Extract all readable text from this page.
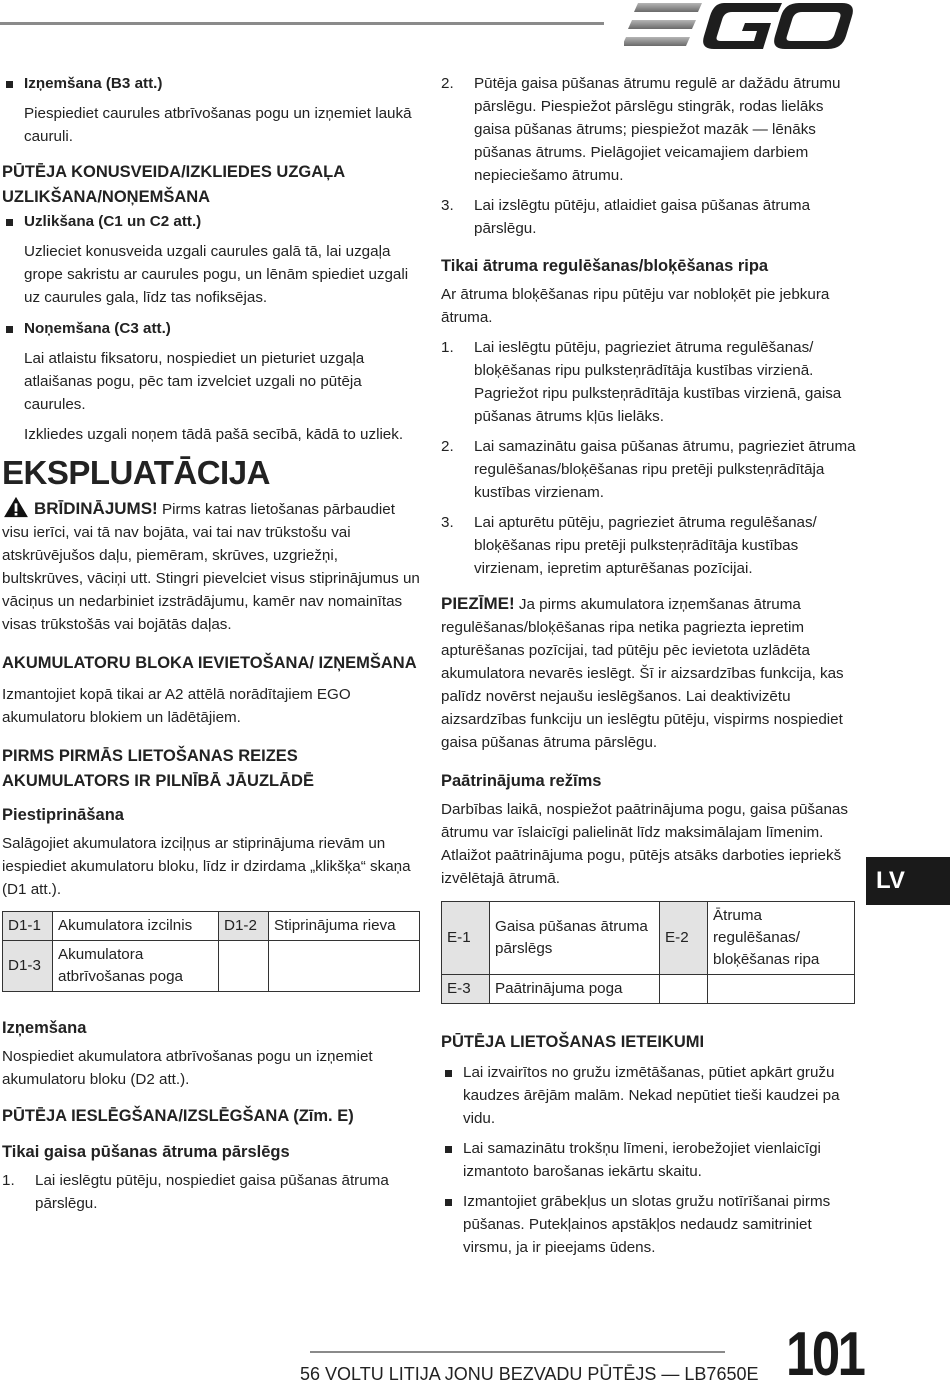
Izņemšana (B3 att.)
Piespiediet caurules atbrīvošanas pogu un izņemiet laukā cauruli.
PŪTĒJA KONUSVEIDA/IZKLIEDES UZGAĻA UZLIKŠANA/NOŅEMŠANA
Uzlikšana (C1 un C2 att.)
Uzlieciet konusveida uzgali caurules galā tā, lai uzgaļa grope sakristu ar caurules pogu, un lēnām spiediet uzgali uz caurules gala, līdz tas nofiksējas.
Noņemšana (C3 att.)
Lai atlaistu fiksatoru, nospiediet un pieturiet uzgaļa atlaišanas pogu, pēc tam izvelciet uzgali no pūtēja caurules.
Izkliedes uzgali noņem tādā pašā secībā, kādā to uzliek.
EKSPLUATĀCIJA
BRĪDINĀJUMS! Pirms katras lietošanas pārbaudiet visu ierīci, vai tā nav bojāta, vai tai nav trūkstošu vai atskrūvējušos daļu, piemēram, skrūves, uzgriežņi, bultskrūves, vāciņi utt. Stingri pievelciet visus stiprinājumus un vāciņus un nedarbiniet izstrādājumu, kamēr nav nomainītas visas trūkstošās vai bojātās daļas.
AKUMULATORU BLOKA IEVIETOŠANA/ IZŅEMŠANA
Izmantojiet kopā tikai ar A2 attēlā norādītajiem EGO akumulatoru blokiem un lādētājiem.
PIRMS PIRMĀS LIETOŠANAS REIZES AKUMULATORS IR PILNĪBĀ JĀUZLĀDĒ
Piestiprināšana
Salāgojiet akumulatora izciļņus ar stiprinājuma rievām un iespiediet akumulatoru bloku, līdz ir dzirdama „klikšķa“ skaņa (D1 att.).
D1-1	Akumulatora izcilnis	D1-2	Stiprinājuma rieva
D1-3	Akumulatora atbrīvošanas poga		
Izņemšana
Nospiediet akumulatora atbrīvošanas pogu un izņemiet akumulatoru bloku (D2 att.).
PŪTĒJA IESLĒGŠANA/IZSLĒGŠANA (Zīm. E)
Tikai gaisa pūšanas ātruma pārslēgs
1. Lai ieslēgtu pūtēju, nospiediet gaisa pūšanas ātruma pārslēgu.
2. Pūtēja gaisa pūšanas ātrumu regulē ar dažādu ātrumu pārslēgu. Piespiežot pārslēgu stingrāk, rodas lielāks gaisa pūšanas ātrums; piespiežot mazāk — lēnāks pūšanas ātrums. Pielāgojiet veicamajiem darbiem nepieciešamo ātrumu.
3. Lai izslēgtu pūtēju, atlaidiet gaisa pūšanas ātruma pārslēgu.
Tikai ātruma regulēšanas/bloķēšanas ripa
Ar ātruma bloķēšanas ripu pūtēju var nobloķēt pie jebkura ātruma.
1. Lai ieslēgtu pūtēju, pagrieziet ātruma regulēšanas/ bloķēšanas ripu pulksteņrādītāja kustības virzienā. Pagriežot ripu pulksteņrādītāja kustības virzienā, gaisa pūšanas ātrums kļūs lielāks.
2. Lai samazinātu gaisa pūšanas ātrumu, pagrieziet ātruma regulēšanas/bloķēšanas ripu pretēji pulksteņrādītāja kustības virzienam.
3. Lai apturētu pūtēju, pagrieziet ātruma regulēšanas/ bloķēšanas ripu pretēji pulksteņrādītāja kustības virzienam, iepretim apturēšanas pozīcijai.
PIEZĪME! Ja pirms akumulatora izņemšanas ātruma regulēšanas/bloķēšanas ripa netika pagriezta iepretim apturēšanas pozīcijai, tad pūtēju pēc ievietota uzlādēta akumulatora nevarēs ieslēgt. Šī ir aizsardzības funkcija, kas palīdz novērst nejaušu ieslēgšanos. Lai deaktivizētu aizsardzības funkciju un ieslēgtu pūtēju, vispirms nospiediet gaisa pūšanas ātruma pārslēgu.
Paātrinājuma režīms
Darbības laikā, nospiežot paātrinājuma pogu, gaisa pūšanas ātrumu var īslaicīgi palielināt līdz maksimālajam līmenim. Atlaižot paātrinājuma pogu, pūtējs atsāks darboties iepriekš izvēlētajā ātrumā.
E-1	Gaisa pūšanas ātruma pārslēgs	E-2	Ātruma regulēšanas/ bloķēšanas ripa
E-3	Paātrinājuma poga		
PŪTĒJA LIETOŠANAS IETEIKUMI
Lai izvairītos no gružu izmētāšanas, pūtiet apkārt gružu kaudzes ārējām malām. Nekad nepūtiet tieši kaudzei pa vidu.
Lai samazinātu trokšņu līmeni, ierobežojiet vienlaicīgi izmantoto barošanas iekārtu skaitu.
Izmantojiet grābekļus un slotas gružu notīrīšanai pirms pūšanas. Putekļainos apstākļos nedaudz samitriniet virsmu, ja ir pieejams ūdens.
LV
56 VOLTU LITIJA JONU BEZVADU PŪTĒJS — LB7650E 101
